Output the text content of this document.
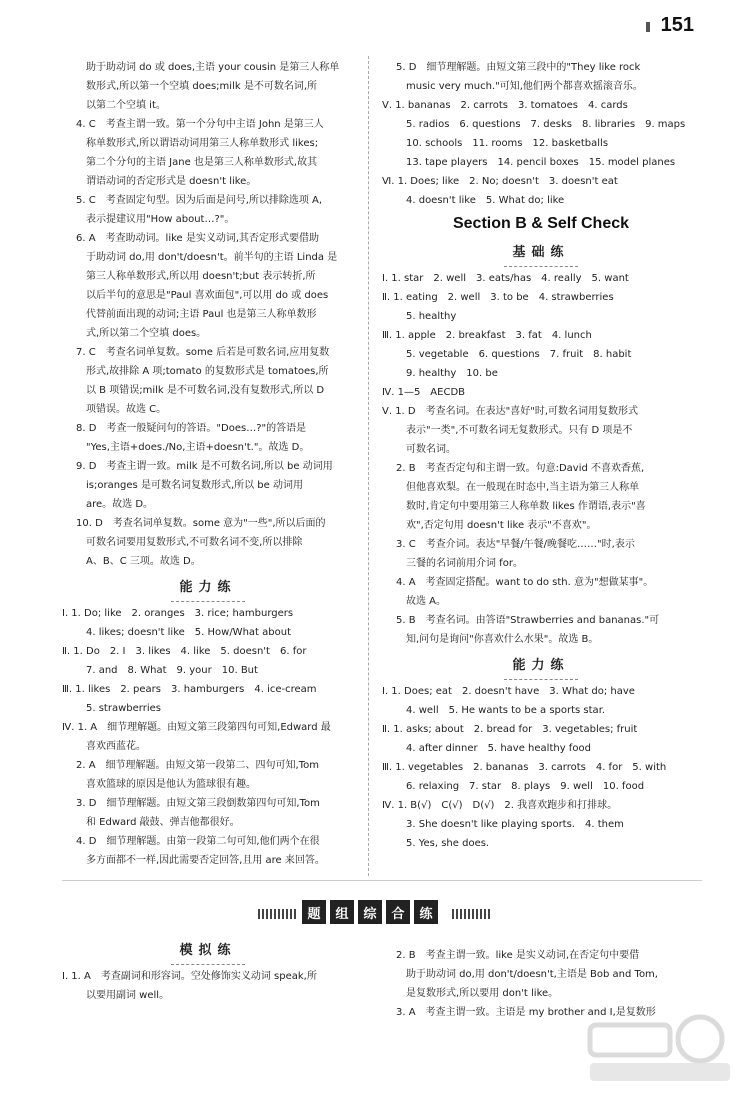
151
助于助动词 do 或 does,主语 your cousin 是第三人称单
数形式,所以第一个空填 does;milk 是不可数名词,所
以第二个空填 it。
4. C　考查主谓一致。第一个分句中主语 John 是第三人
称单数形式,所以谓语动词用第三人称单数形式 likes;
第二个分句的主语 Jane 也是第三人称单数形式,故其
谓语动词的否定形式是 doesn't like。
5. C　考查固定句型。因为后面是问号,所以排除选项 A,
表示提建议用"How about…?"。
6. A　考查助动词。like 是实义动词,其否定形式要借助
于助动词 do,用 don't/doesn't。前半句的主语 Linda 是
第三人称单数形式,所以用 doesn't;but 表示转折,所
以后半句的意思是"Paul 喜欢面包",可以用 do 或 does
代替前面出现的动词;主语 Paul 也是第三人称单数形
式,所以第二个空填 does。
7. C　考查名词单复数。some 后若是可数名词,应用复数
形式,故排除 A 项;tomato 的复数形式是 tomatoes,所
以 B 项错误;milk 是不可数名词,没有复数形式,所以 D
项错误。故选 C。
8. D　考查一般疑问句的答语。"Does…?"的答语是
"Yes,主语+does./No,主语+doesn't."。故选 D。
9. D　考查主谓一致。milk 是不可数名词,所以 be 动词用
is;oranges 是可数名词复数形式,所以 be 动词用
are。故选 D。
10. D　考查名词单复数。some 意为"一些",所以后面的
可数名词要用复数形式,不可数名词不变,所以排除
A、B、C 三项。故选 D。
能力练
Ⅰ. 1. Do; like　2. oranges　3. rice; hamburgers
4. likes; doesn't like　5. How/What about
Ⅱ. 1. Do　2. I　3. likes　4. like　5. doesn't　6. for
7. and　8. What　9. your　10. But
Ⅲ. 1. likes　2. pears　3. hamburgers　4. ice-cream
5. strawberries
Ⅳ. 1. A　细节理解题。由短文第三段第四句可知,Edward 最
喜欢西蓝花。
2. A　细节理解题。由短文第一段第二、四句可知,Tom
喜欢篮球的原因是他认为篮球很有趣。
3. D　细节理解题。由短文第三段倒数第四句可知,Tom
和 Edward 敲鼓、弹吉他都很好。
4. D　细节理解题。由第一段第二句可知,他们两个在很
多方面都不一样,因此需要否定回答,且用 are 来回答。
5. D　细节理解题。由短文第三段中的"They like rock
music very much."可知,他们两个都喜欢摇滚音乐。
Ⅴ. 1. bananas　2. carrots　3. tomatoes　4. cards
5. radios　6. questions　7. desks　8. libraries　9. maps
10. schools　11. rooms　12. basketballs
13. tape players　14. pencil boxes　15. model planes
Ⅵ. 1. Does; like　2. No; doesn't　3. doesn't eat
4. doesn't like　5. What do; like
Section B & Self Check
基础练
Ⅰ. 1. star　2. well　3. eats/has　4. really　5. want
Ⅱ. 1. eating　2. well　3. to be　4. strawberries
5. healthy
Ⅲ. 1. apple　2. breakfast　3. fat　4. lunch
5. vegetable　6. questions　7. fruit　8. habit
9. healthy　10. be
Ⅳ. 1—5　AECDB
Ⅴ. 1. D　考查名词。在表达"喜好"时,可数名词用复数形式
表示"一类",不可数名词无复数形式。只有 D 项是不
可数名词。
2. B　考查否定句和主谓一致。句意:David 不喜欢香蕉,
但他喜欢梨。在一般现在时态中,当主语为第三人称单
数时,肯定句中要用第三人称单数 likes 作谓语,表示"喜
欢",否定句用 doesn't like 表示"不喜欢"。
3. C　考查介词。表达"早餐/午餐/晚餐吃……"时,表示
三餐的名词前用介词 for。
4. A　考查固定搭配。want to do sth. 意为"想做某事"。
故选 A。
5. B　考查名词。由答语"Strawberries and bananas."可
知,问句是询问"你喜欢什么水果"。故选 B。
能力练
Ⅰ. 1. Does; eat　2. doesn't have　3. What do; have
4. well　5. He wants to be a sports star.
Ⅱ. 1. asks; about　2. bread for　3. vegetables; fruit
4. after dinner　5. have healthy food
Ⅲ. 1. vegetables　2. bananas　3. carrots　4. for　5. with
6. relaxing　7. star　8. plays　9. well　10. food
Ⅳ. 1. B(√)　C(√)　D(√)　2. 我喜欢跑步和打排球。
3. She doesn't like playing sports.　4. them
5. Yes, she does.
题	组	综	合	练
模拟练
Ⅰ. 1. A　考查副词和形容词。空处修饰实义动词 speak,所
以要用副词 well。
2. B　考查主谓一致。like 是实义动词,在否定句中要借
助于助动词 do,用 don't/doesn't,主语是 Bob and Tom,
是复数形式,所以要用 don't like。
3. A　考查主谓一致。主语是 my brother and I,是复数形
